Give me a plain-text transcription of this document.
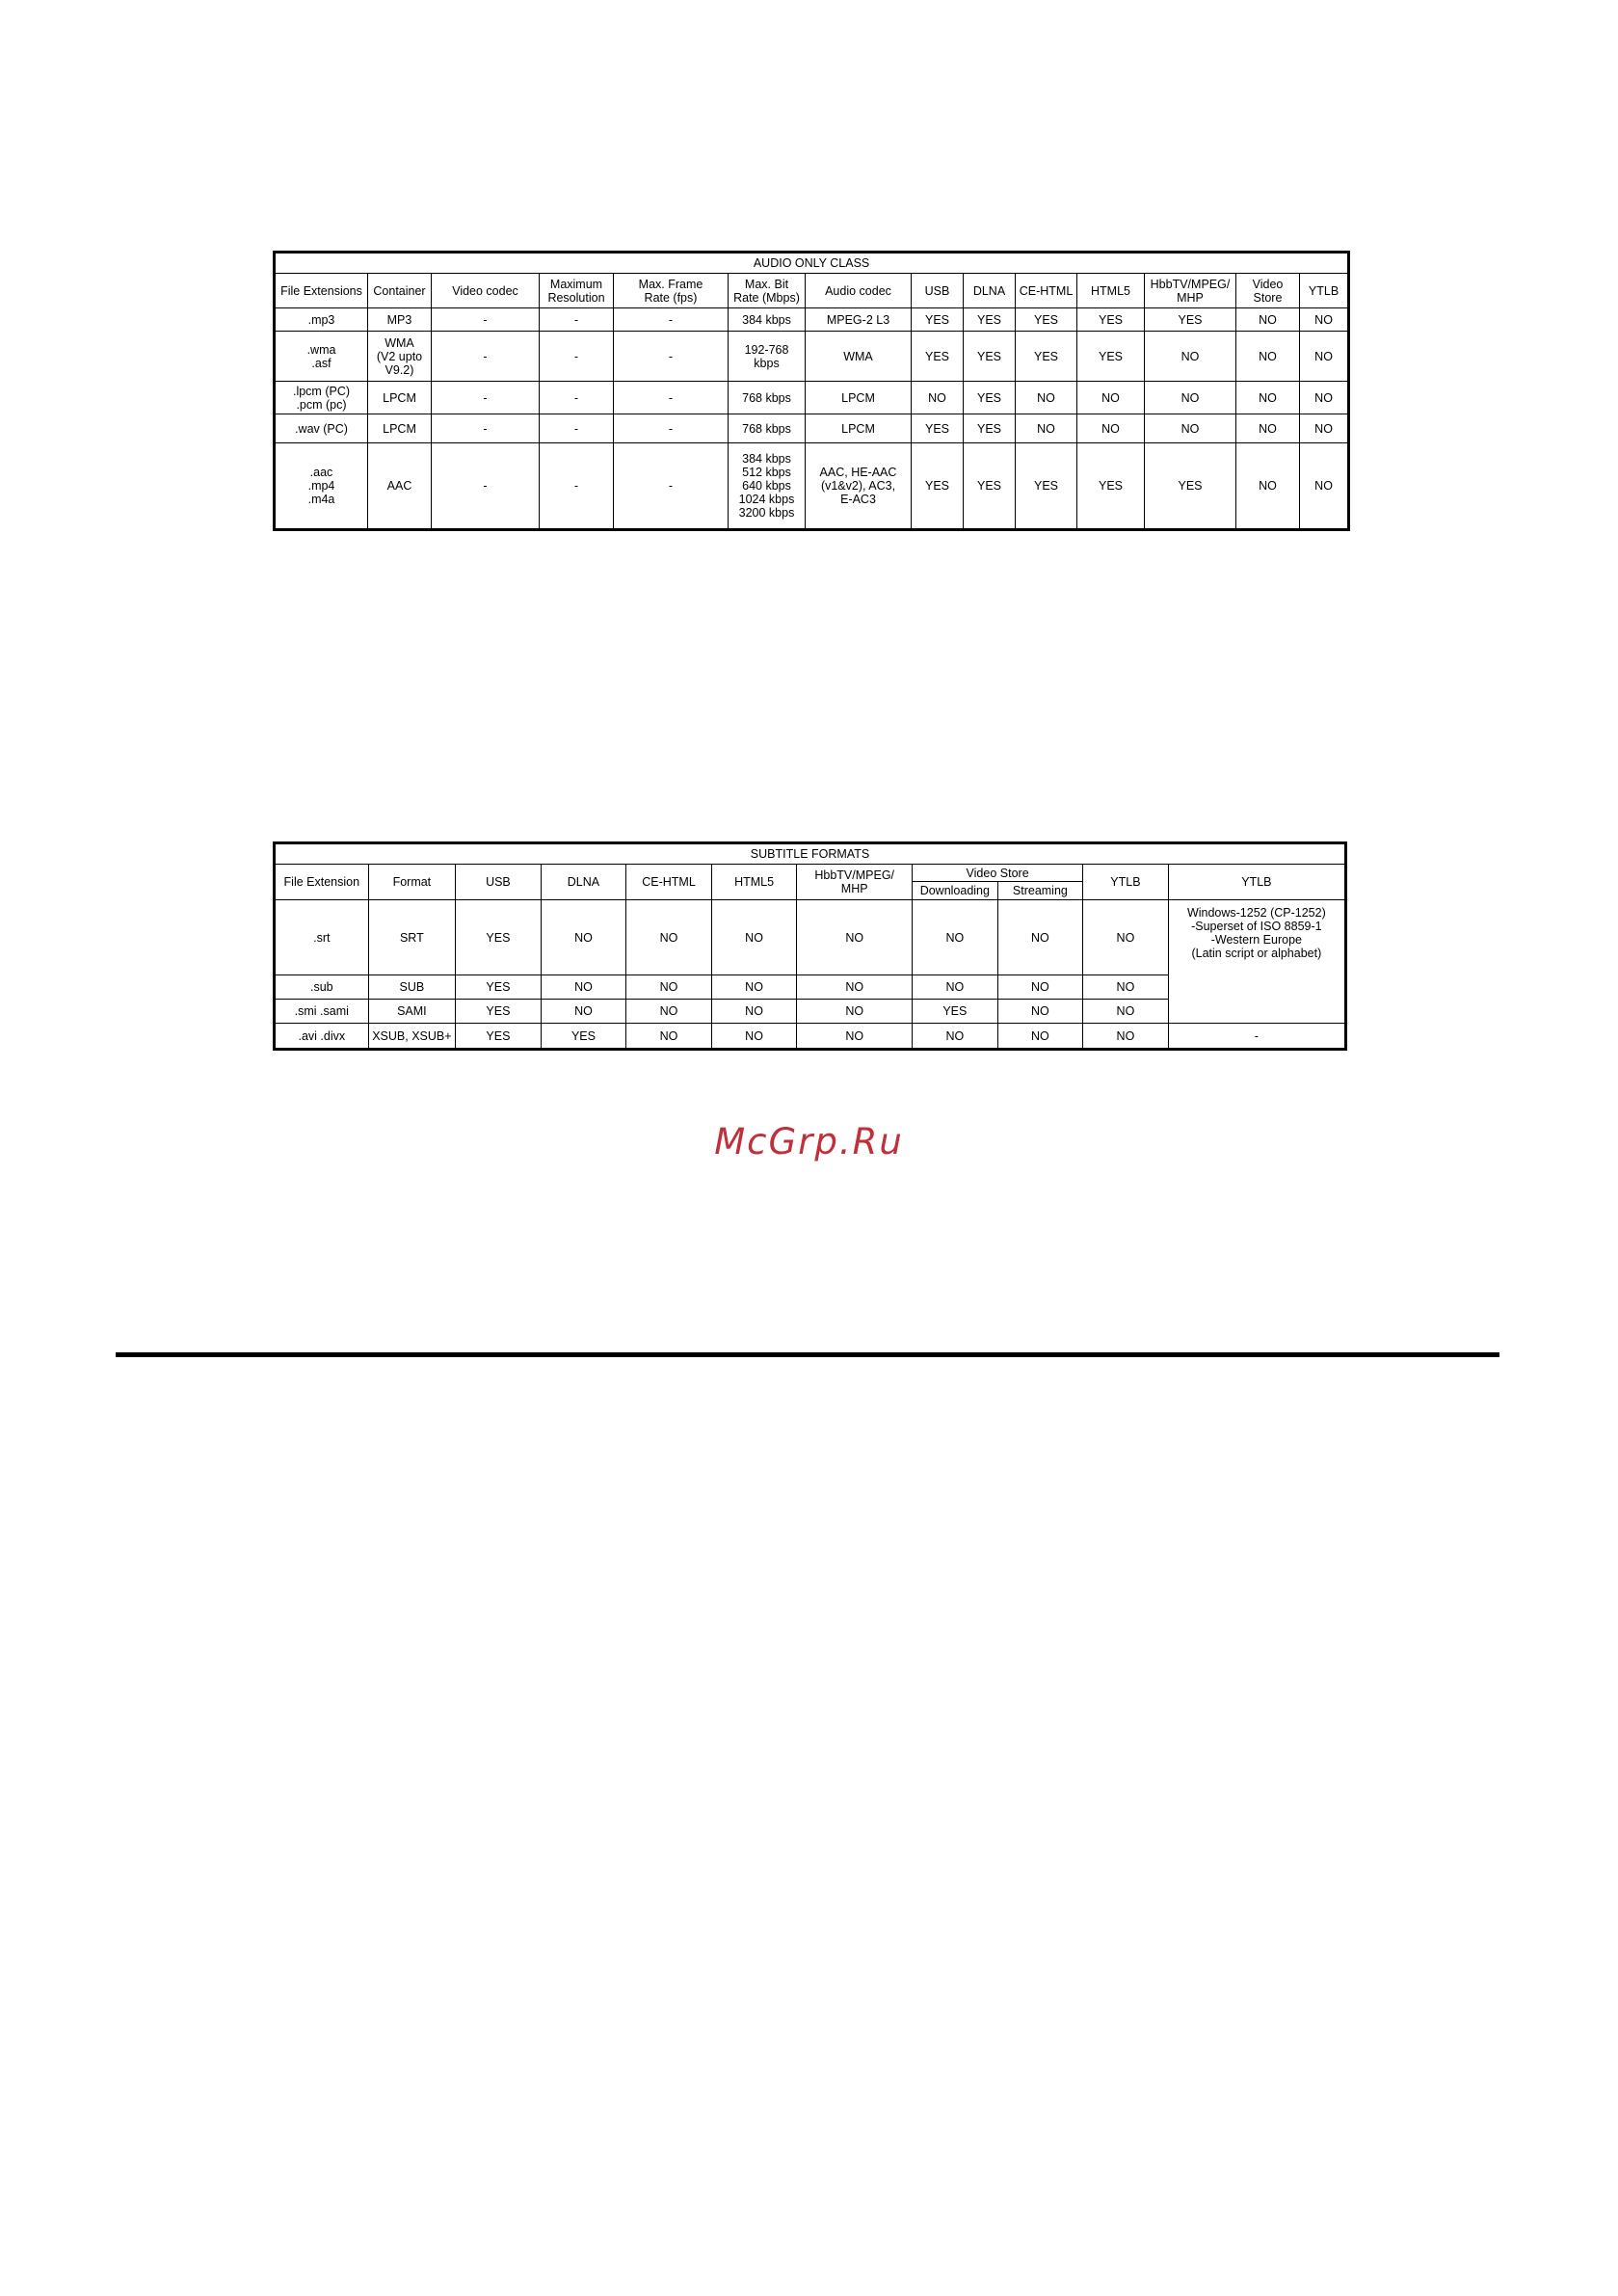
AUDIO ONLY CLASS													
File Extensions	Container	Video codec	Maximum
Resolution	Max. Frame
Rate (fps)	Max. Bit
Rate (Mbps)	Audio codec	USB	DLNA	CE-HTML	HTML5	HbbTV/MPEG/
MHP	Video
Store	YTLB
.mp3	MP3	-	-	-	384 kbps	MPEG-2 L3	YES	YES	YES	YES	YES	NO	NO
.wma
.asf	WMA
(V2 upto
V9.2)	-	-	-	192-768 kbps	WMA	YES	YES	YES	YES	NO	NO	NO
.lpcm (PC)
.pcm (pc)	LPCM	-	-	-	768 kbps	LPCM	NO	YES	NO	NO	NO	NO	NO
.wav (PC)	LPCM	-	-	-	768 kbps	LPCM	YES	YES	NO	NO	NO	NO	NO
.aac
.mp4
.m4a	AAC	-	-	-	384 kbps
512 kbps
640 kbps
1024 kbps
3200 kbps	AAC, HE-AAC
(v1&v2), AC3,
E-AC3	YES	YES	YES	YES	YES	NO	NO
SUBTITLE FORMATS										
File Extension	Format	USB	DLNA	CE-HTML	HTML5	HbbTV/MPEG/
MHP	Video Store		YTLB	YTLB
							Downloading	Streaming		
.srt	SRT	YES	NO	NO	NO	NO	NO	NO	NO	Windows-1252 (CP-1252)
-Superset of ISO 8859-1
-Western Europe
(Latin script or alphabet)
.sub	SUB	YES	NO	NO	NO	NO	NO	NO	NO	
.smi .sami	SAMI	YES	NO	NO	NO	NO	YES	NO	NO	
.avi .divx	XSUB, XSUB+	YES	YES	NO	NO	NO	NO	NO	NO	-
McGrp.Ru
